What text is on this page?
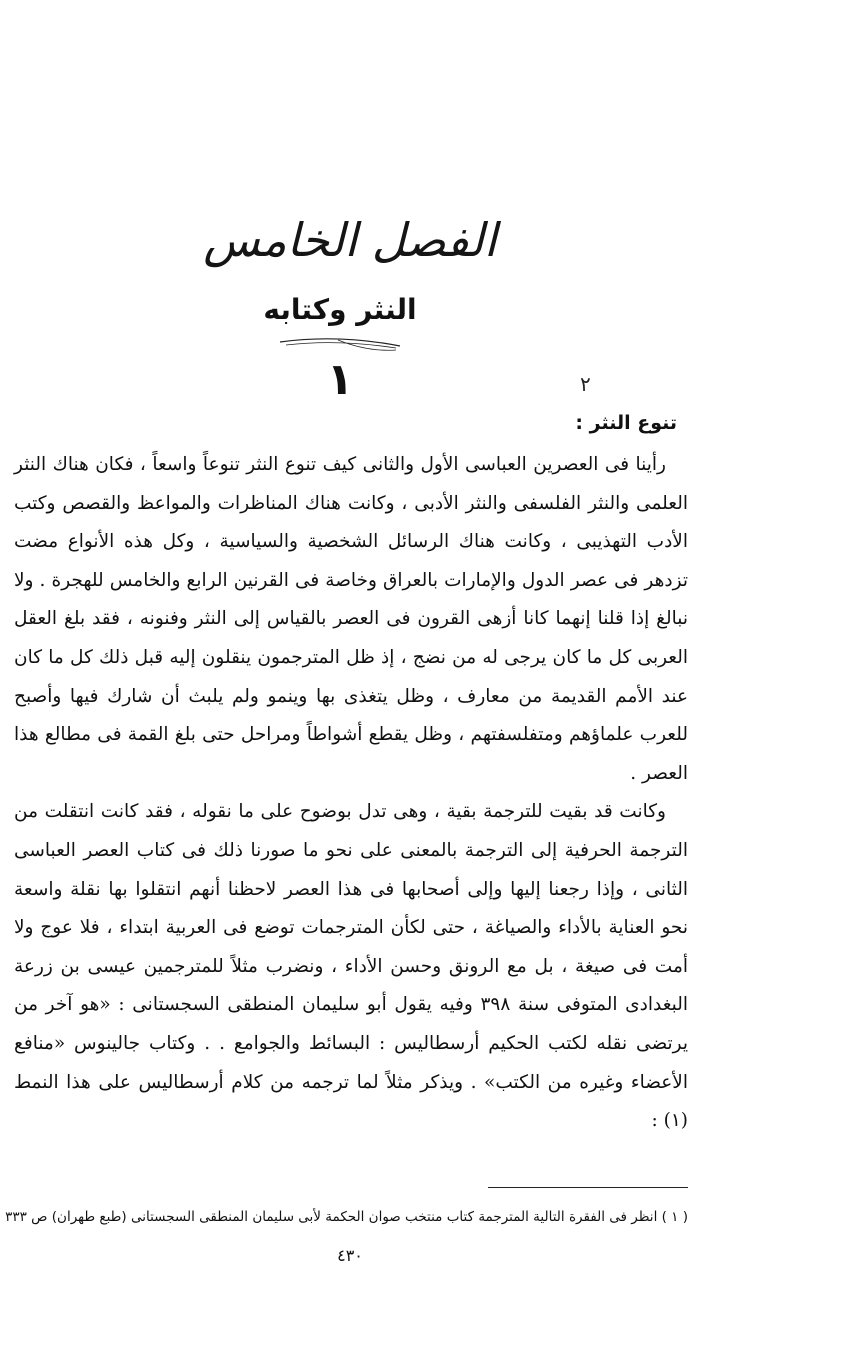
الفصل الخامس
النثر وكتابه
١	٢
تنوع النثر :

رأينا فى العصرين العباسى الأول والثانى كيف تنوع النثر تنوعاً واسعاً ، فكان هناك النثر العلمى والنثر الفلسفى والنثر الأدبى ، وكانت هناك المناظرات والمواعظ والقصص وكتب الأدب التهذيبى ، وكانت هناك الرسائل الشخصية والسياسية ، وكل هذه الأنواع مضت تزدهر فى عصر الدول والإمارات بالعراق وخاصة فى القرنين الرابع والخامس للهجرة . ولا نبالغ إذا قلنا إنهما كانا أزهى القرون فى العصر بالقياس إلى النثر وفنونه ، فقد بلغ العقل العربى كل ما كان يرجى له من نضج ، إذ ظل المترجمون ينقلون إليه قبل ذلك كل ما كان عند الأمم القديمة من معارف ، وظل يتغذى بها وينمو ولم يلبث أن شارك فيها وأصبح للعرب علماؤهم ومتفلسفتهم ، وظل يقطع أشواطاً ومراحل حتى بلغ القمة فى مطالع هذا العصر .

وكانت قد بقيت للترجمة بقية ، وهى تدل بوضوح على ما نقوله ، فقد كانت انتقلت من الترجمة الحرفية إلى الترجمة بالمعنى على نحو ما صورنا ذلك فى كتاب العصر العباسى الثانى ، وإذا رجعنا إليها وإلى أصحابها فى هذا العصر لاحظنا أنهم انتقلوا بها نقلة واسعة نحو العناية بالأداء والصياغة ، حتى لكأن المترجمات توضع فى العربية ابتداء ، فلا عوج ولا أمت فى صيغة ، بل مع الرونق وحسن الأداء ، ونضرب مثلاً للمترجمين عيسى بن زرعة البغدادى المتوفى سنة ٣٩٨ وفيه يقول أبو سليمان المنطقى السجستانى : «هو آخر من يرتضى نقله لكتب الحكيم أرسطاليس : البسائط والجوامع . . وكتاب جالينوس «منافع الأعضاء وغيره من الكتب» . ويذكر مثلاً لما ترجمه من كلام أرسطاليس على هذا النمط (١) :

( ١ ) انظر فى الفقرة التالية المترجمة كتاب منتخب صوان الحكمة لأبى سليمان المنطقى السجستانى (طبع طهران) ص ٣٣٣
٤٣٠
